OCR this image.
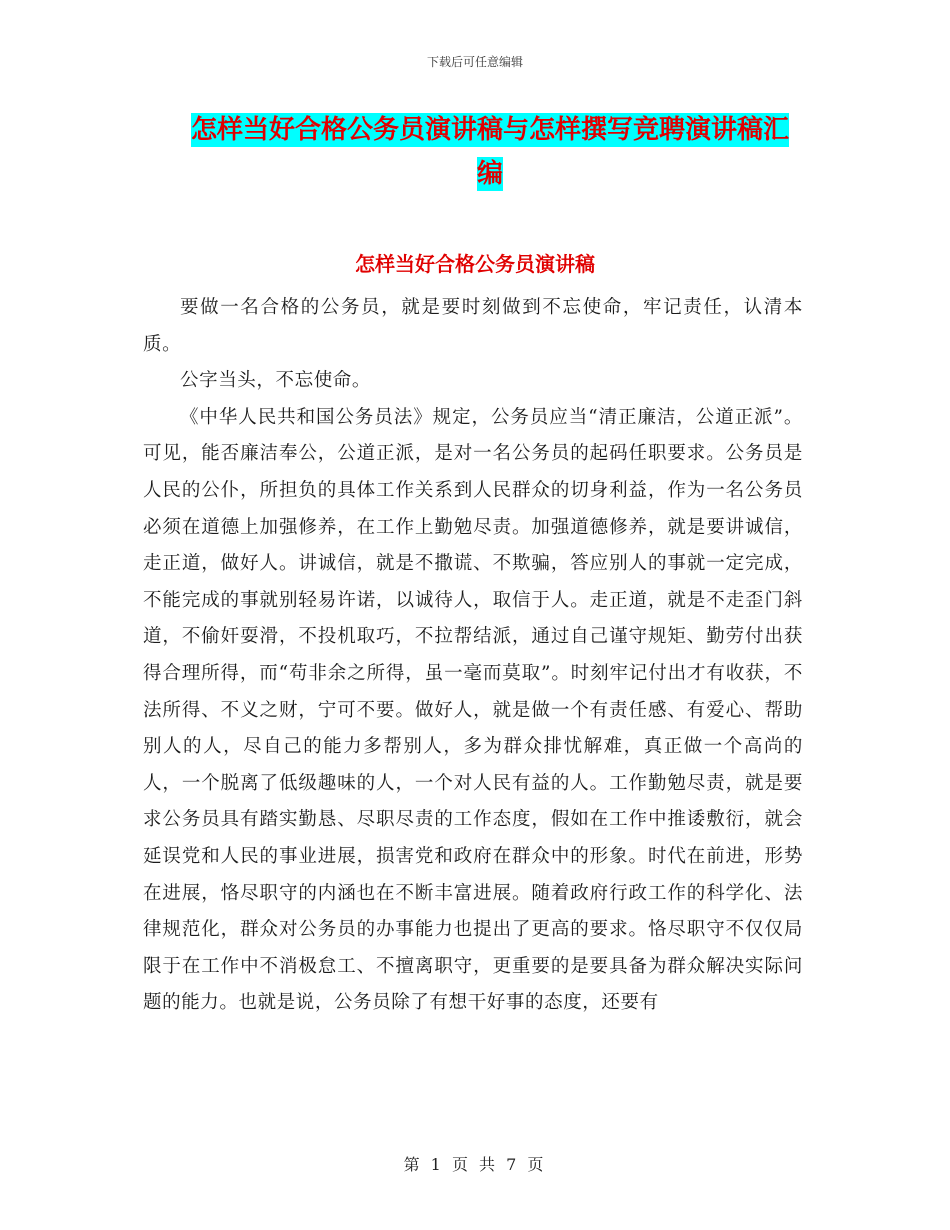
下载后可任意编辑
怎样当好合格公务员演讲稿与怎样撰写竞聘演讲稿汇
编
怎样当好合格公务员演讲稿

要做一名合格的公务员，就是要时刻做到不忘使命，牢记责任，认清本质。

公字当头，不忘使命。

《中华人民共和国公务员法》规定，公务员应当“清正廉洁，公道正派”。可见，能否廉洁奉公，公道正派，是对一名公务员的起码任职要求。公务员是人民的公仆，所担负的具体工作关系到人民群众的切身利益，作为一名公务员必须在道德上加强修养，在工作上勤勉尽责。加强道德修养，就是要讲诚信，走正道，做好人。讲诚信，就是不撒谎、不欺骗，答应别人的事就一定完成，不能完成的事就别轻易许诺，以诚待人，取信于人。走正道，就是不走歪门斜道，不偷奸耍滑，不投机取巧，不拉帮结派，通过自己谨守规矩、勤劳付出获得合理所得，而“苟非余之所得，虽一毫而莫取”。时刻牢记付出才有收获，不法所得、不义之财，宁可不要。做好人，就是做一个有责任感、有爱心、帮助别人的人，尽自己的能力多帮别人，多为群众排忧解难，真正做一个高尚的人，一个脱离了低级趣味的人，一个对人民有益的人。工作勤勉尽责，就是要求公务员具有踏实勤恳、尽职尽责的工作态度，假如在工作中推诿敷衍，就会延误党和人民的事业进展，损害党和政府在群众中的形象。时代在前进，形势在进展，恪尽职守的内涵也在不断丰富进展。随着政府行政工作的科学化、法律规范化，群众对公务员的办事能力也提出了更高的要求。恪尽职守不仅仅局限于在工作中不消极怠工、不擅离职守，更重要的是要具备为群众解决实际问题的能力。也就是说，公务员除了有想干好事的态度，还要有

第 1 页 共 7 页
